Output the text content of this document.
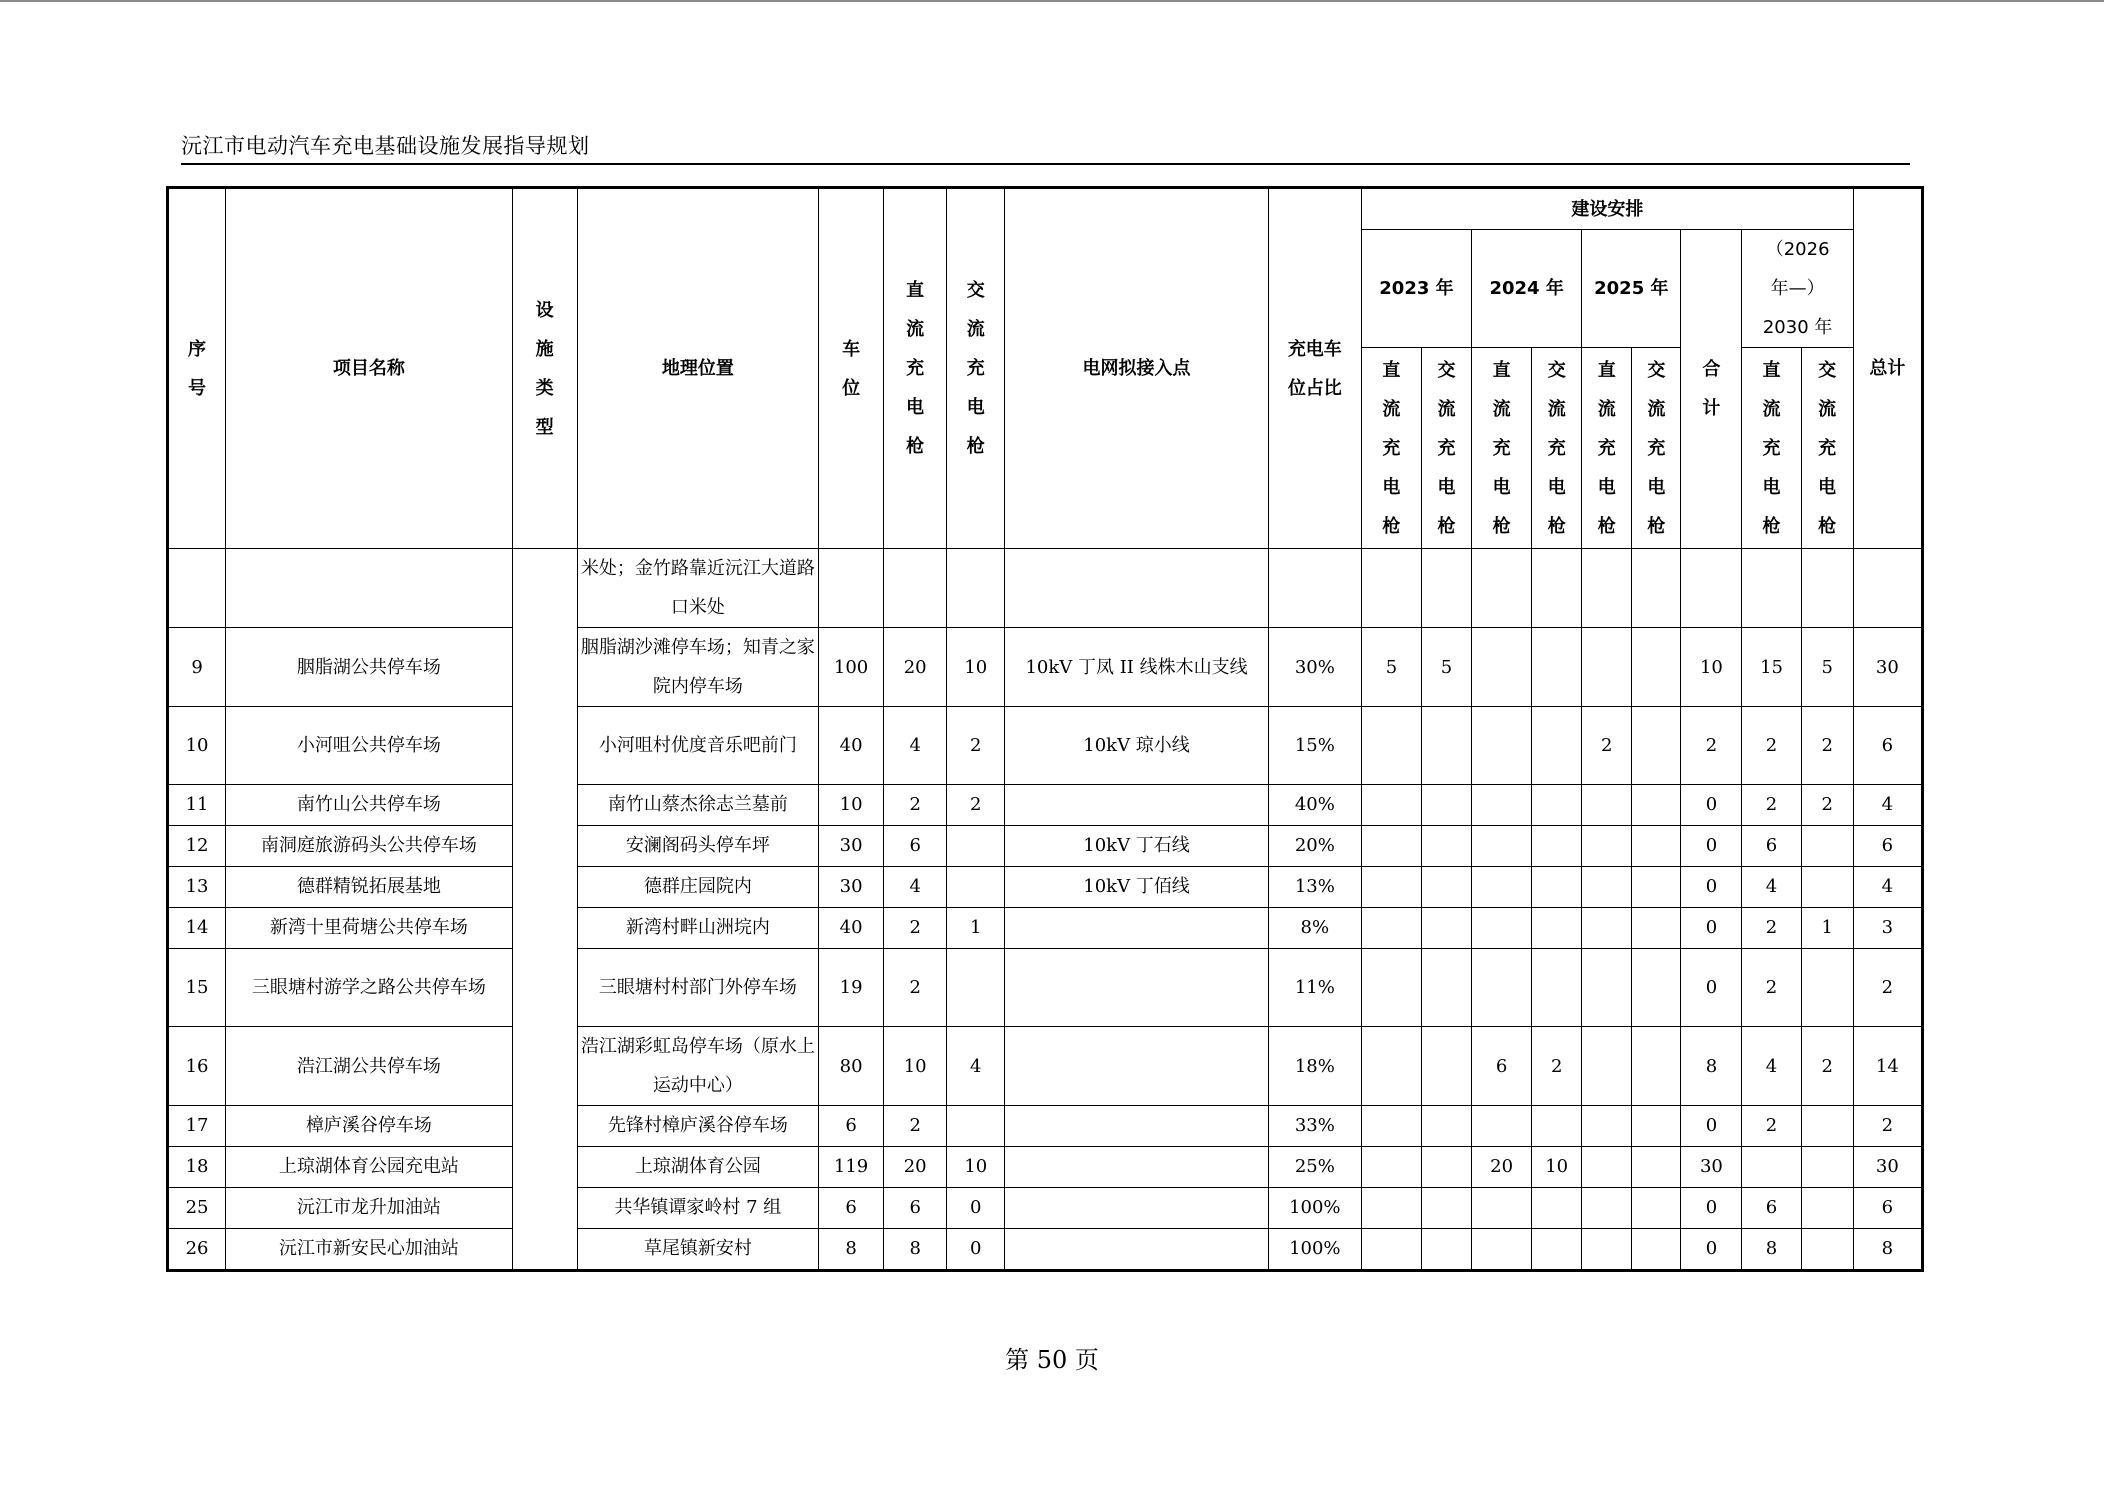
沅江市电动汽车充电基础设施发展指导规划
序号	项目名称	设施类型	地理位置	车位	直流充电枪	交流充电枪	电网拟接入点	充电车位占比	建设安排									总计
									2023 年		2024 年		2025 年		合计	（2026 年—）2030 年		
									直流充电枪	交流充电枪	直流充电枪	交流充电枪	直流充电枪	交流充电枪		直流充电枪	交流充电枪	
			米处；金竹路靠近沅江大道路口米处															
9	胭脂湖公共停车场		胭脂湖沙滩停车场；知青之家院内停车场	100	20	10	10kV 丁凤 II 线株木山支线	30%	5	5					10	15	5	30
10	小河咀公共停车场		小河咀村优度音乐吧前门	40	4	2	10kV 琼小线	15%					2		2	2	2	6
11	南竹山公共停车场		南竹山蔡杰徐志兰墓前	10	2	2		40%							0	2	2	4
12	南洞庭旅游码头公共停车场		安澜阁码头停车坪	30	6		10kV 丁石线	20%							0	6		6
13	德群精锐拓展基地		德群庄园院内	30	4		10kV 丁佰线	13%							0	4		4
14	新湾十里荷塘公共停车场		新湾村畔山洲垸内	40	2	1		8%							0	2	1	3
15	三眼塘村游学之路公共停车场		三眼塘村村部门外停车场	19	2			11%							0	2		2
16	浩江湖公共停车场		浩江湖彩虹岛停车场（原水上运动中心）	80	10	4		18%			6	2			8	4	2	14
17	樟庐溪谷停车场		先锋村樟庐溪谷停车场	6	2			33%							0	2		2
18	上琼湖体育公园充电站		上琼湖体育公园	119	20	10		25%			20	10			30			30
25	沅江市龙升加油站		共华镇谭家岭村 7 组	6	6	0		100%							0	6		6
26	沅江市新安民心加油站		草尾镇新安村	8	8	0		100%							0	8		8
第 50 页
